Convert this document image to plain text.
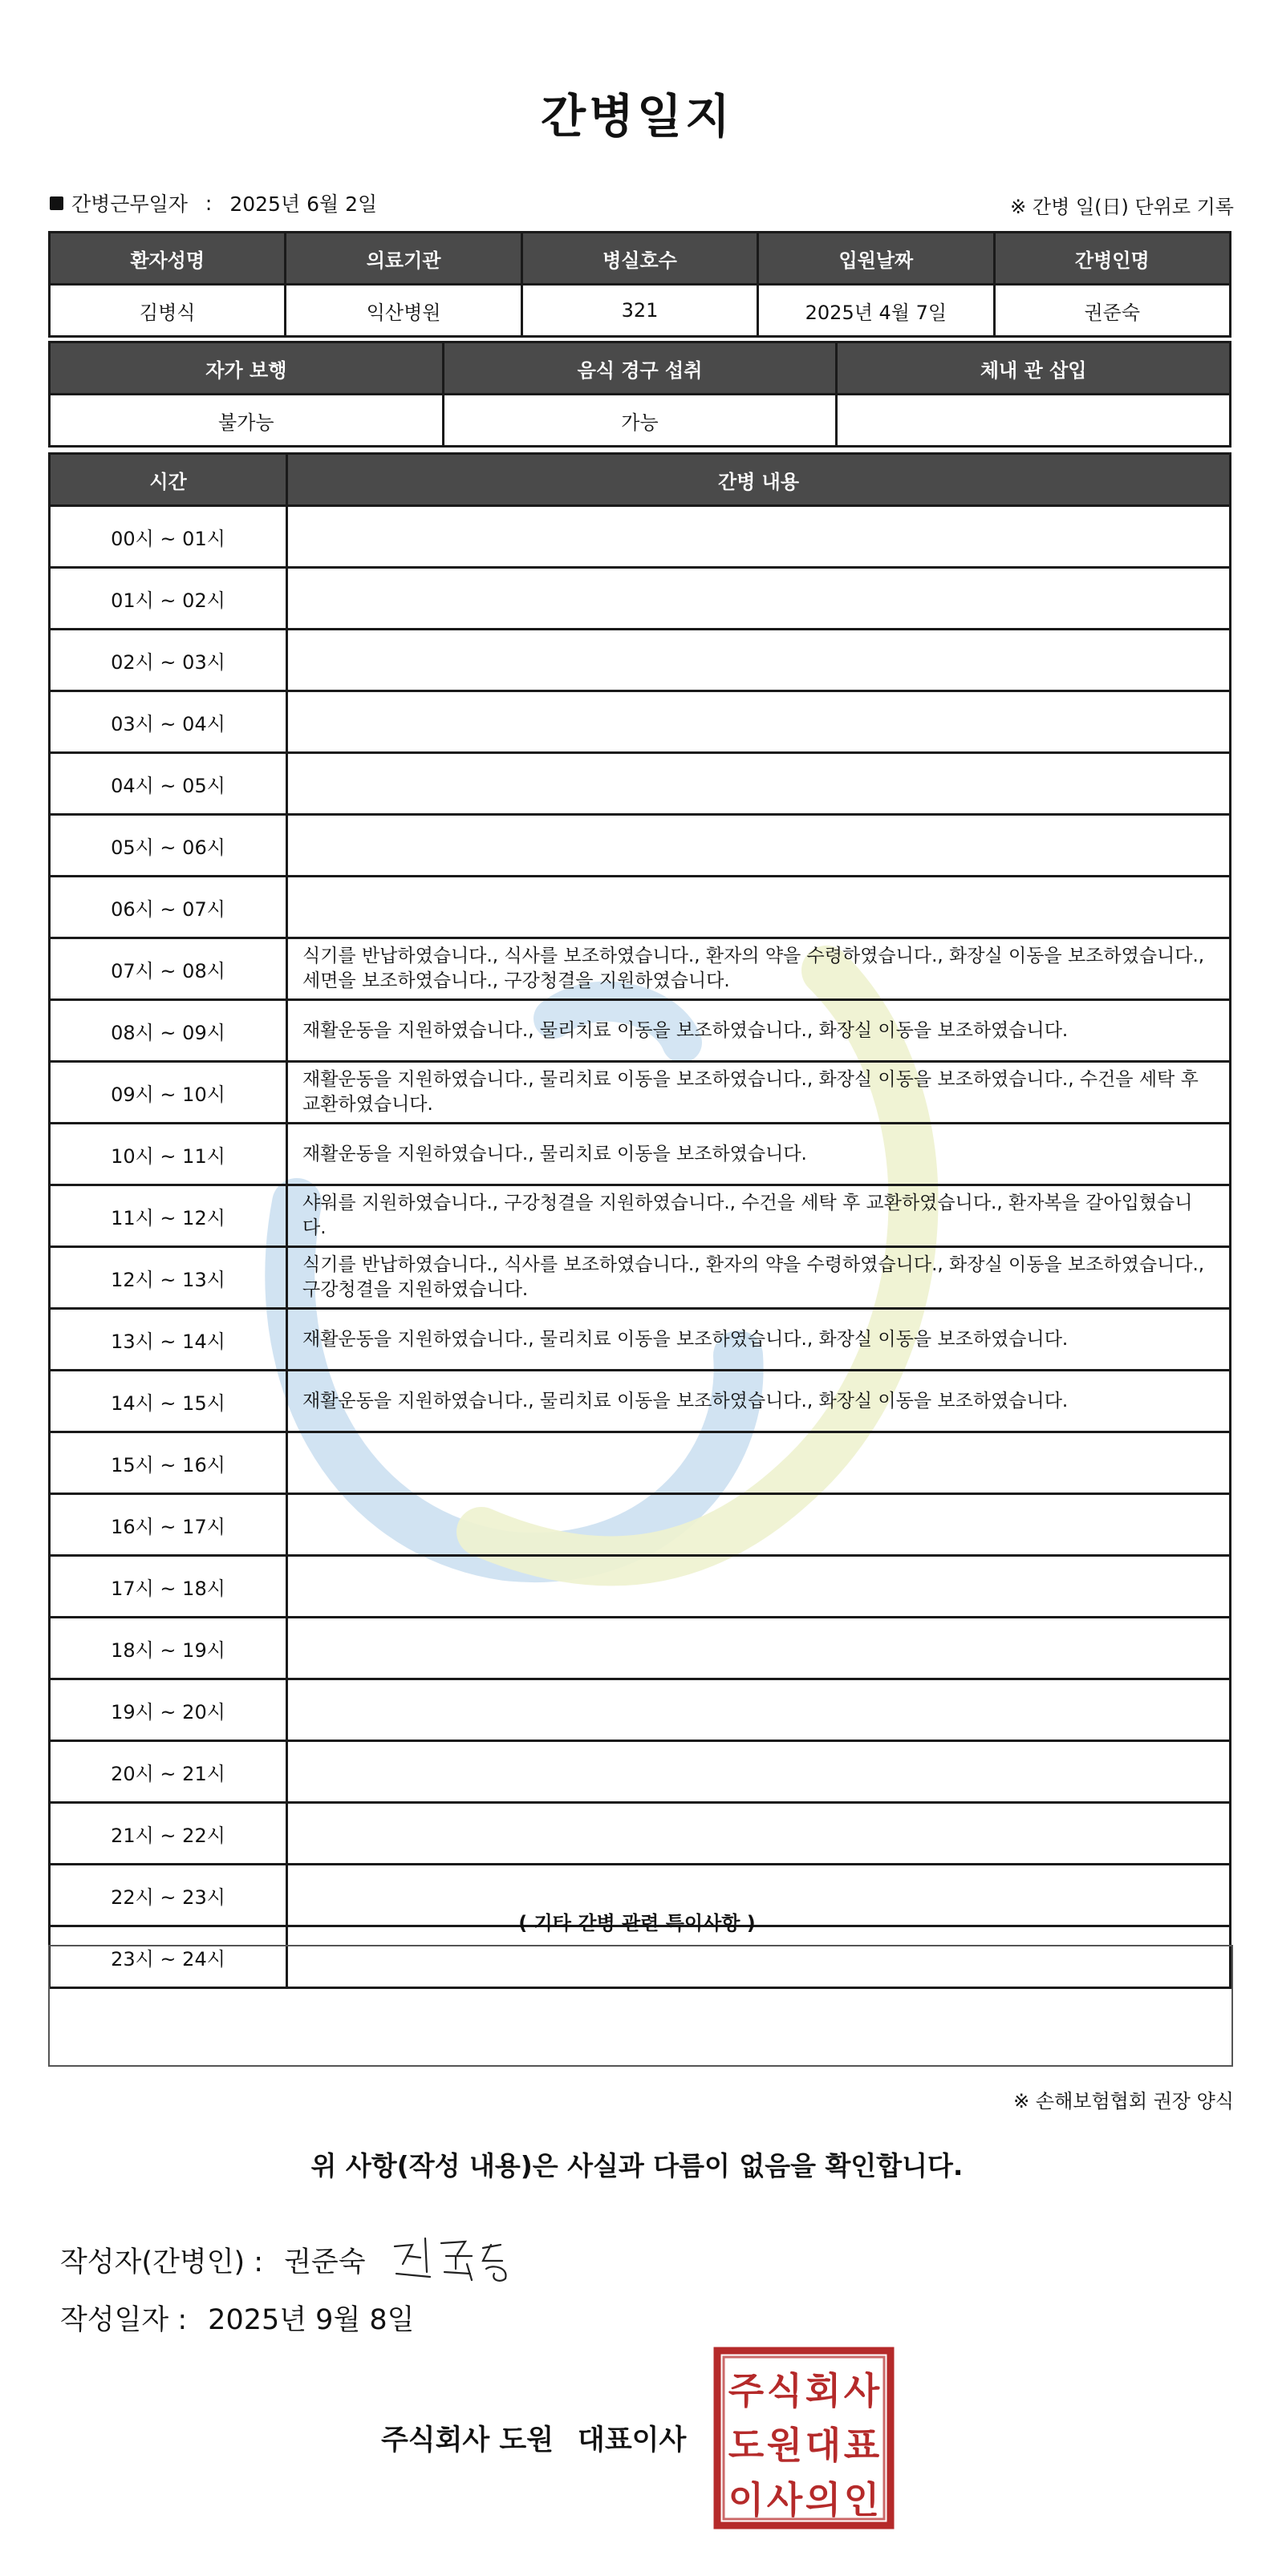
간병일지
간병근무일자 : 2025년 6월 2일	※ 간병 일(日) 단위로 기록
환자성명	의료기관	병실호수	입원날짜	간병인명
김병식	익산병원	321	2025년 4월 7일	권준숙
자가 보행	음식 경구 섭취	체내 관 삽입
불가능	가능	
시간	간병 내용
00시 ~ 01시	
01시 ~ 02시	
02시 ~ 03시	
03시 ~ 04시	
04시 ~ 05시	
05시 ~ 06시	
06시 ~ 07시	
07시 ~ 08시	식기를 반납하였습니다., 식사를 보조하였습니다., 환자의 약을 수령하였습니다., 화장실 이동을 보조하였습니다., 세면을 보조하였습니다., 구강청결을 지원하였습니다.
08시 ~ 09시	재활운동을 지원하였습니다., 물리치료 이동을 보조하였습니다., 화장실 이동을 보조하였습니다.
09시 ~ 10시	재활운동을 지원하였습니다., 물리치료 이동을 보조하였습니다., 화장실 이동을 보조하였습니다., 수건을 세탁 후 교환하였습니다.
10시 ~ 11시	재활운동을 지원하였습니다., 물리치료 이동을 보조하였습니다.
11시 ~ 12시	샤워를 지원하였습니다., 구강청결을 지원하였습니다., 수건을 세탁 후 교환하였습니다., 환자복을 갈아입혔습니다.
12시 ~ 13시	식기를 반납하였습니다., 식사를 보조하였습니다., 환자의 약을 수령하였습니다., 화장실 이동을 보조하였습니다., 구강청결을 지원하였습니다.
13시 ~ 14시	재활운동을 지원하였습니다., 물리치료 이동을 보조하였습니다., 화장실 이동을 보조하였습니다.
14시 ~ 15시	재활운동을 지원하였습니다., 물리치료 이동을 보조하였습니다., 화장실 이동을 보조하였습니다.
15시 ~ 16시	
16시 ~ 17시	
17시 ~ 18시	
18시 ~ 19시	
19시 ~ 20시	
20시 ~ 21시	
21시 ~ 22시	
22시 ~ 23시	
23시 ~ 24시	
( 기타 간병 관련 특이사항 )
※ 손해보험협회 권장 양식
위 사항(작성 내용)은 사실과 다름이 없음을 확인합니다.
작성자(간병인) : 권준숙
작성일자 : 2025년 9월 8일
주식회사 도원 대표이사
주 식 회 사
도 원 대 표
이 사 의 인
